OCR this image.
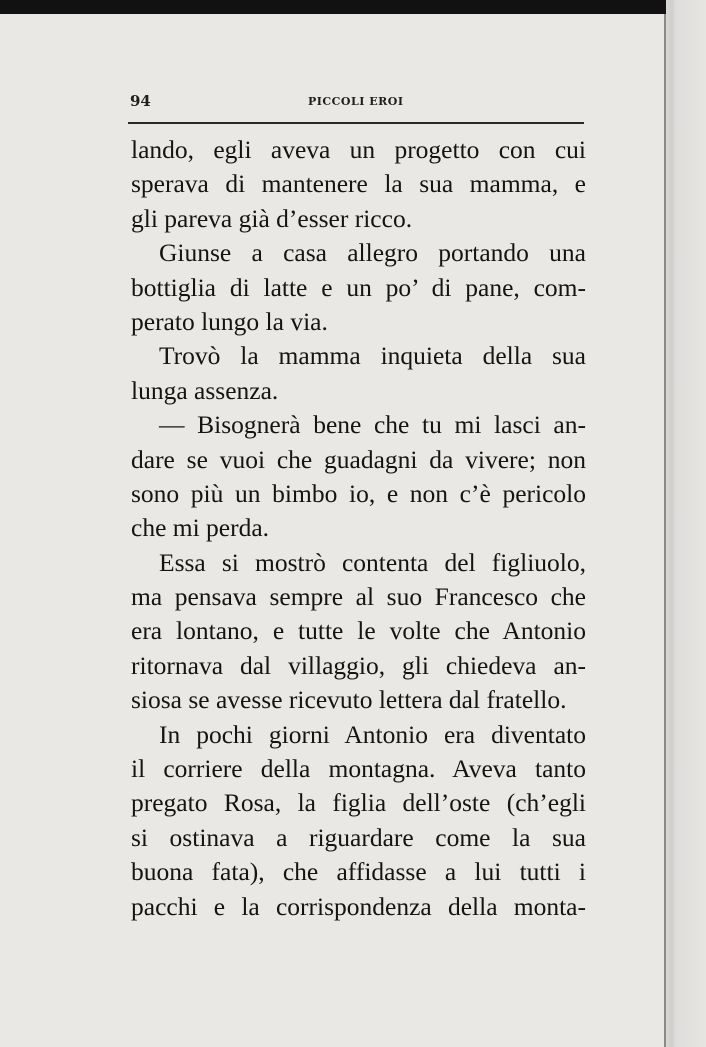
94	PICCOLI EROI
lando, egli aveva un progetto con cui
sperava di mantenere la sua mamma, e
gli pareva già d’esser ricco.
Giunse a casa allegro portando una
bottiglia di latte e un po’ di pane, com-
perato lungo la via.
Trovò la mamma inquieta della sua
lunga assenza.
— Bisognerà bene che tu mi lasci an-
dare se vuoi che guadagni da vivere; non
sono più un bimbo io, e non c’è pericolo
che mi perda.
Essa si mostrò contenta del figliuolo,
ma pensava sempre al suo Francesco che
era lontano, e tutte le volte che Antonio
ritornava dal villaggio, gli chiedeva an-
siosa se avesse ricevuto lettera dal fratello.
In pochi giorni Antonio era diventato
il corriere della montagna. Aveva tanto
pregato Rosa, la figlia dell’oste (ch’egli
si ostinava a riguardare come la sua
buona fata), che affidasse a lui tutti i
pacchi e la corrispondenza della monta-
